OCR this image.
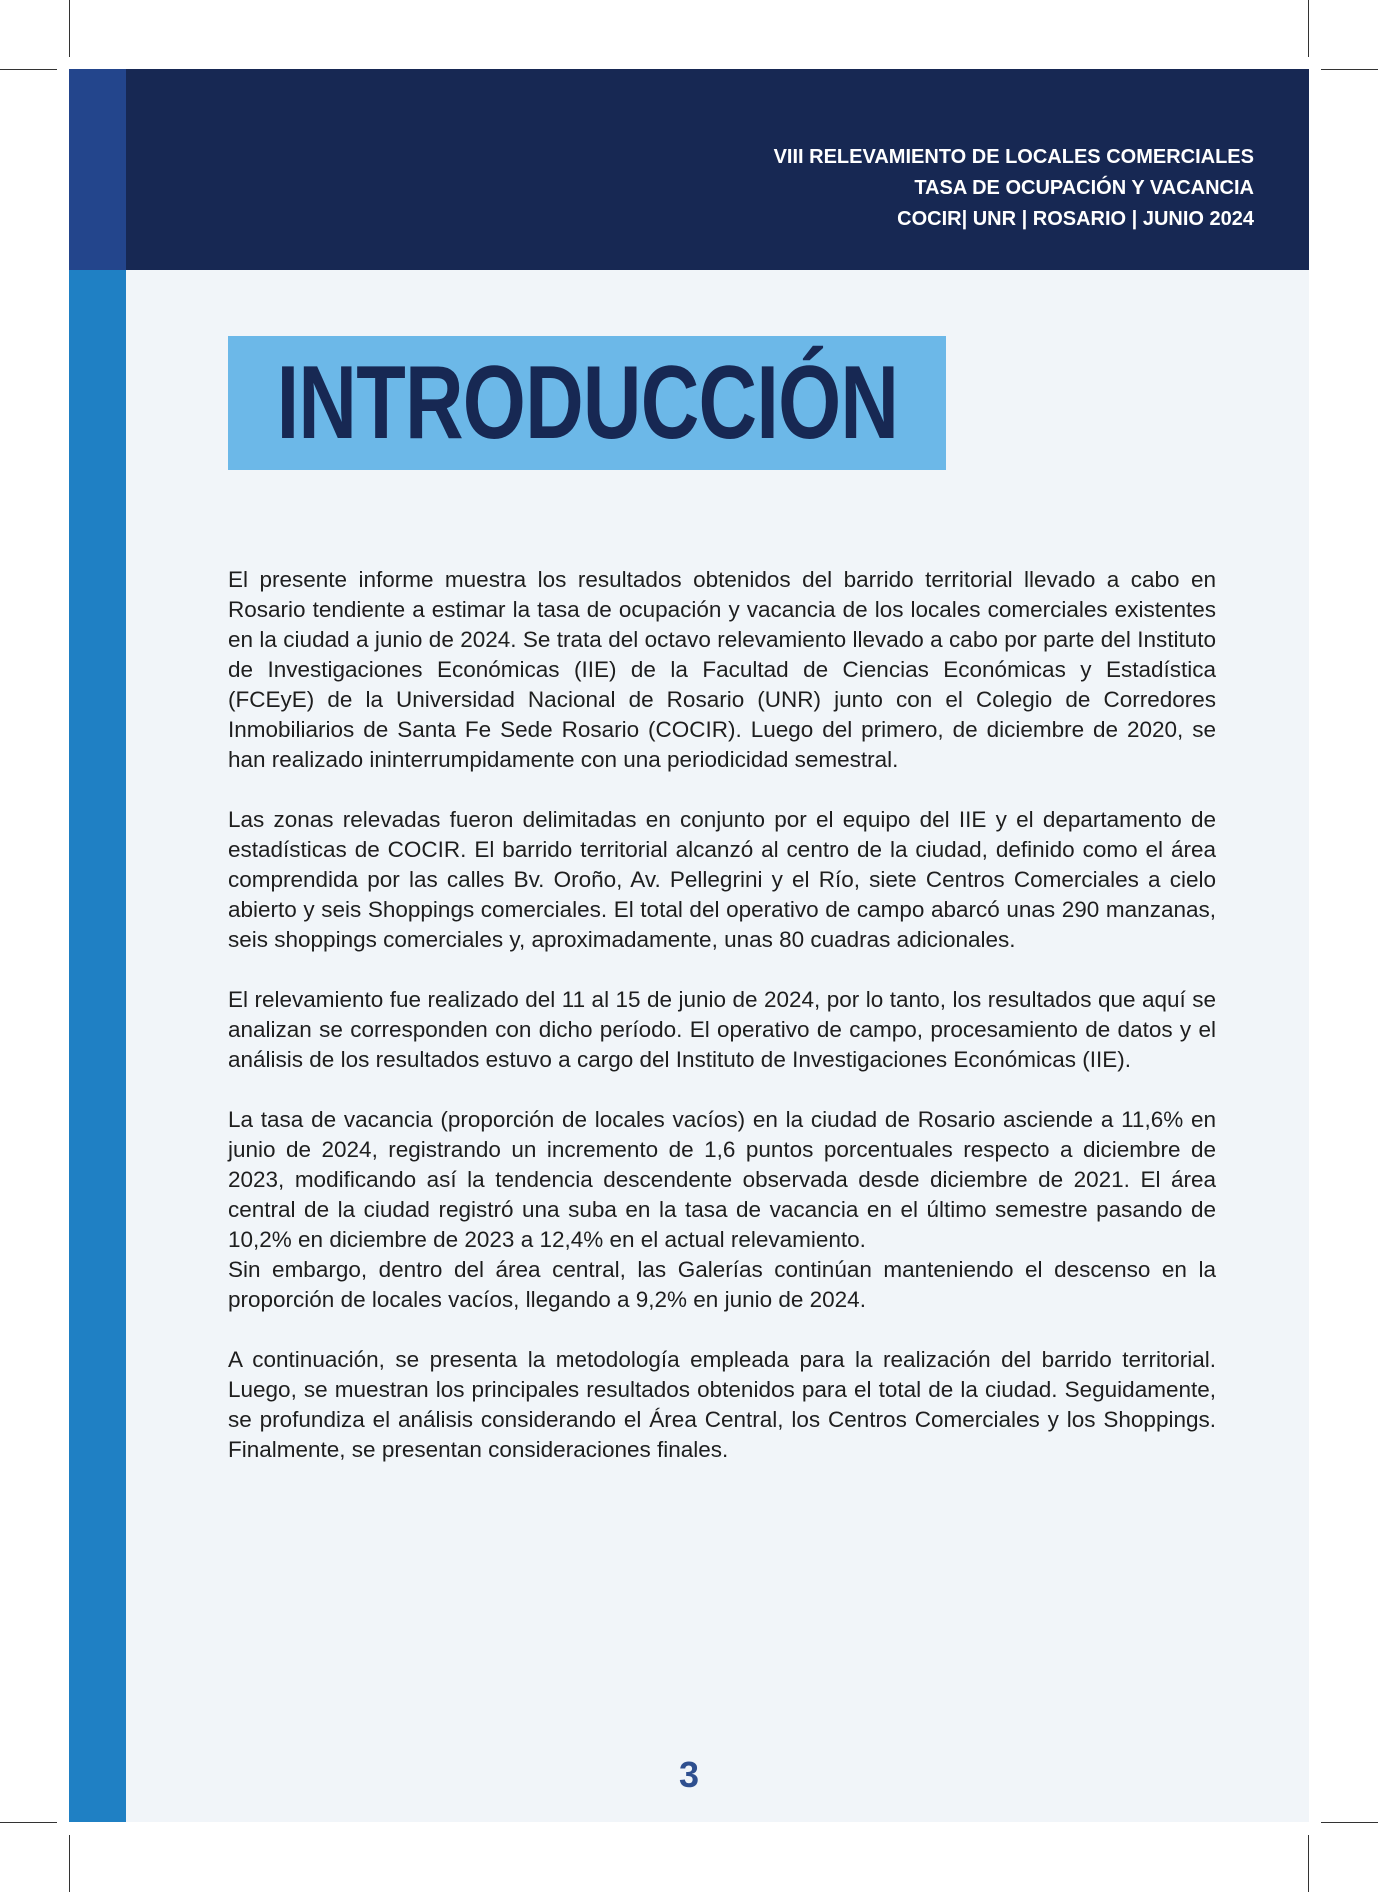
VIII RELEVAMIENTO DE LOCALES COMERCIALES
TASA DE OCUPACIÓN Y VACANCIA
COCIR| UNR | ROSARIO | JUNIO 2024
INTRODUCCIÓN

El presente informe muestra los resultados obtenidos del barrido territorial llevado a cabo en Rosario tendiente a estimar la tasa de ocupación y vacancia de los locales comerciales existentes en la ciudad a junio de 2024. Se trata del octavo relevamiento llevado a cabo por parte del Instituto de Investigaciones Económicas (IIE) de la Facultad de Ciencias Económicas y Estadística (FCEyE) de la Universidad Nacional de Rosario (UNR) junto con el Colegio de Corredores Inmobiliarios de Santa Fe Sede Rosario (COCIR). Luego del primero, de diciembre de 2020, se han realizado ininterrumpidamente con una periodicidad semestral.

Las zonas relevadas fueron delimitadas en conjunto por el equipo del IIE y el departamento de estadísticas de COCIR. El barrido territorial alcanzó al centro de la ciudad, definido como el área comprendida por las calles Bv. Oroño, Av. Pellegrini y el Río, siete Centros Comerciales a cielo abierto y seis Shoppings comerciales. El total del operativo de campo abarcó unas 290 manzanas, seis shoppings comerciales y, aproximadamente, unas 80 cuadras adicionales.

El relevamiento fue realizado del 11 al 15 de junio de 2024, por lo tanto, los resultados que aquí se analizan se corresponden con dicho período. El operativo de campo, procesamiento de datos y el análisis de los resultados estuvo a cargo del Instituto de Investigaciones Económicas (IIE).

La tasa de vacancia (proporción de locales vacíos) en la ciudad de Rosario asciende a 11,6% en junio de 2024, registrando un incremento de 1,6 puntos porcentuales respecto a diciembre de 2023, modificando así la tendencia descendente observada desde diciembre de 2021. El área central de la ciudad registró una suba en la tasa de vacancia en el último semestre pasando de 10,2% en diciembre de 2023 a 12,4% en el actual relevamiento.

Sin embargo, dentro del área central, las Galerías continúan manteniendo el descenso en la proporción de locales vacíos, llegando a 9,2% en junio de 2024.

A continuación, se presenta la metodología empleada para la realización del barrido territorial. Luego, se muestran los principales resultados obtenidos para el total de la ciudad. Seguidamente, se profundiza el análisis considerando el Área Central, los Centros Comerciales y los Shoppings. Finalmente, se presentan consideraciones finales.

3
